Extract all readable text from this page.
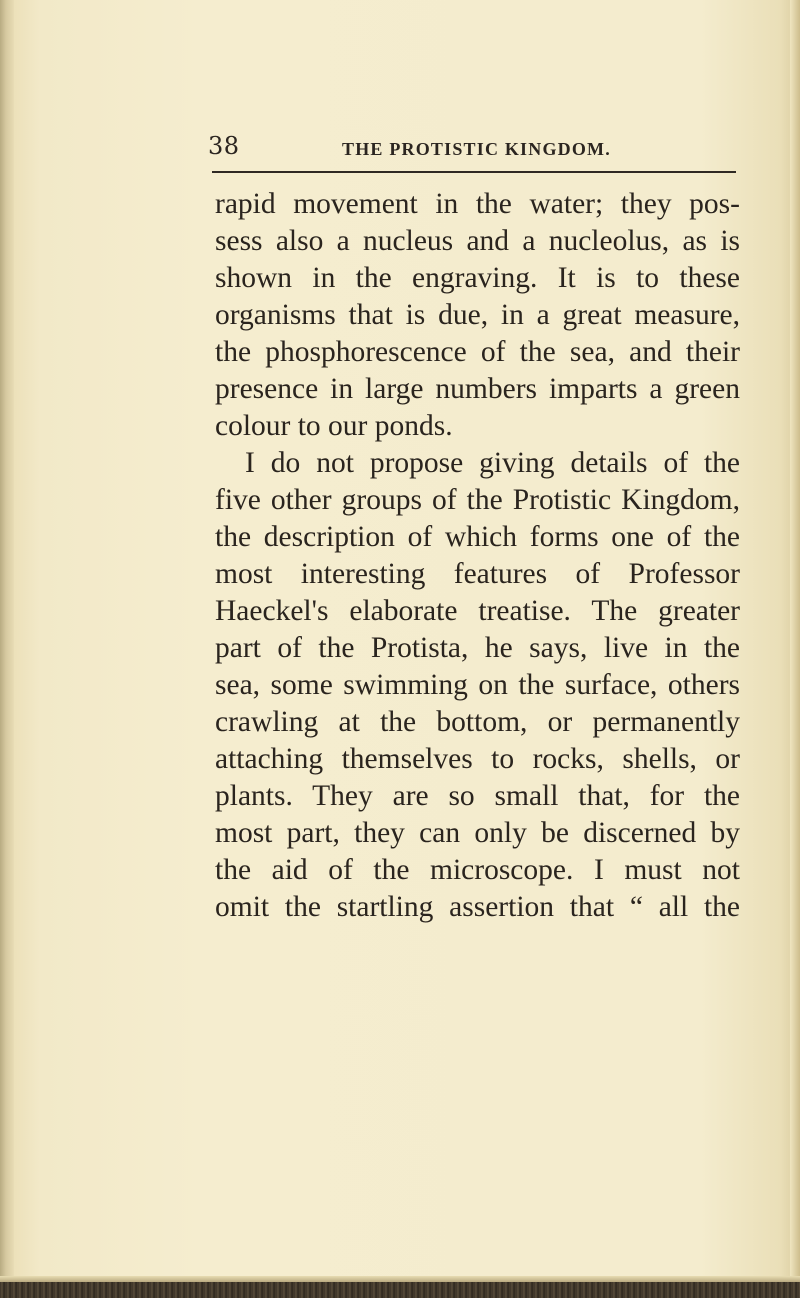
38	THE PROTISTIC KINGDOM.
rapid movement in the water; they pos-
sess also a nucleus and a nucleolus, as is
shown in the engraving. It is to these
organisms that is due, in a great measure,
the phosphorescence of the sea, and their
presence in large numbers imparts a green
colour to our ponds.
I do not propose giving details of the
five other groups of the Protistic Kingdom,
the description of which forms one of the
most interesting features of Professor
Haeckel's elaborate treatise. The greater
part of the Protista, he says, live in the
sea, some swimming on the surface, others
crawling at the bottom, or permanently
attaching themselves to rocks, shells, or
plants. They are so small that, for the
most part, they can only be discerned by
the aid of the microscope. I must not
omit the startling assertion that “ all the
